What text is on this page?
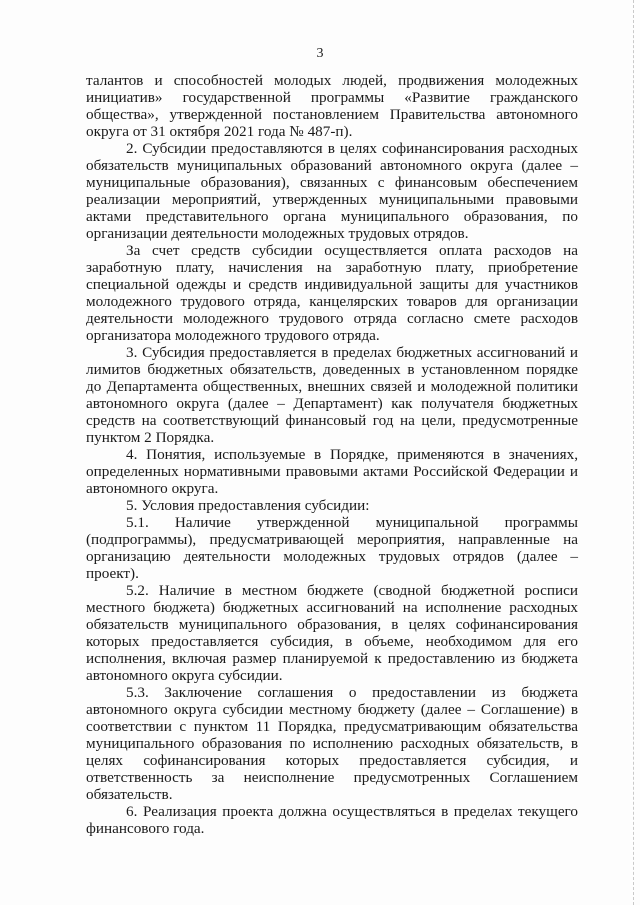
3

талантов и способностей молодых людей, продвижения молодежных инициатив» государственной программы «Развитие гражданского общества», утвержденной постановлением Правительства автономного округа от 31 октября 2021 года № 487-п).

2. Субсидии предоставляются в целях софинансирования расходных обязательств муниципальных образований автономного округа (далее – муниципальные образования), связанных с финансовым обеспечением реализации мероприятий, утвержденных муниципальными правовыми актами представительного органа муниципального образования, по организации деятельности молодежных трудовых отрядов.

За счет средств субсидии осуществляется оплата расходов на заработную плату, начисления на заработную плату, приобретение специальной одежды и средств индивидуальной защиты для участников молодежного трудового отряда, канцелярских товаров для организации деятельности молодежного трудового отряда согласно смете расходов организатора молодежного трудового отряда.

3. Субсидия предоставляется в пределах бюджетных ассигнований и лимитов бюджетных обязательств, доведенных в установленном порядке до Департамента общественных, внешних связей и молодежной политики автономного округа (далее – Департамент) как получателя бюджетных средств на соответствующий финансовый год на цели, предусмотренные пунктом 2 Порядка.

4. Понятия, используемые в Порядке, применяются в значениях, определенных нормативными правовыми актами Российской Федерации и автономного округа.

5. Условия предоставления субсидии:

5.1. Наличие утвержденной муниципальной программы (подпрограммы), предусматривающей мероприятия, направленные на организацию деятельности молодежных трудовых отрядов (далее – проект).

5.2. Наличие в местном бюджете (сводной бюджетной росписи местного бюджета) бюджетных ассигнований на исполнение расходных обязательств муниципального образования, в целях софинансирования которых предоставляется субсидия, в объеме, необходимом для его исполнения, включая размер планируемой к предоставлению из бюджета автономного округа субсидии.

5.3. Заключение соглашения о предоставлении из бюджета автономного округа субсидии местному бюджету (далее – Соглашение) в соответствии с пунктом 11 Порядка, предусматривающим обязательства муниципального образования по исполнению расходных обязательств, в целях софинансирования которых предоставляется субсидия, и ответственность за неисполнение предусмотренных Соглашением обязательств.

6. Реализация проекта должна осуществляться в пределах текущего финансового года.
